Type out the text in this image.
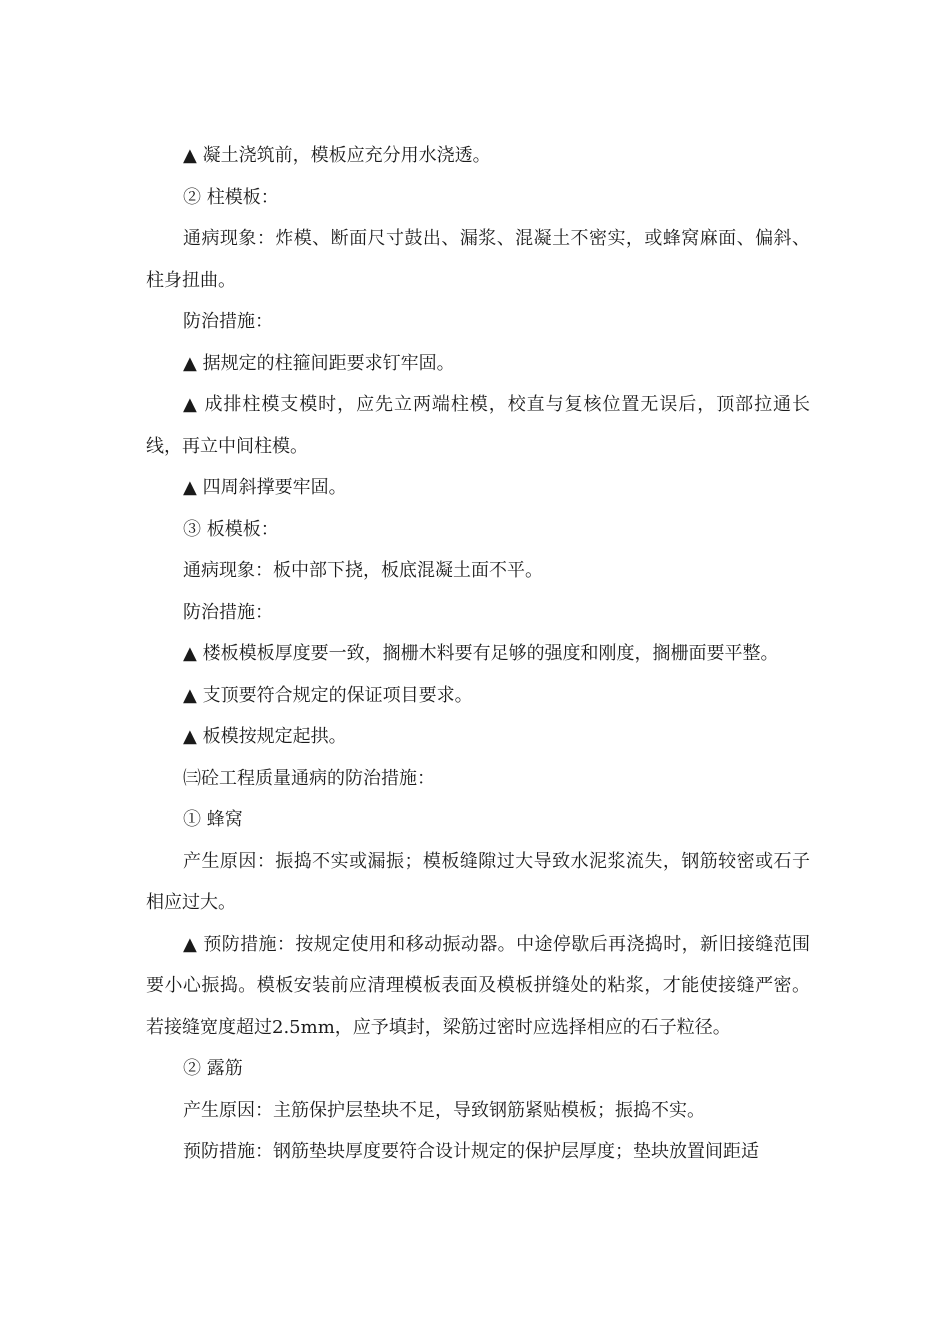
▲ 凝土浇筑前，模板应充分用水浇透。

② 柱模板：

通病现象：炸模、断面尺寸鼓出、漏浆、混凝土不密实，或蜂窝麻面、偏斜、柱身扭曲。

防治措施：

▲ 据规定的柱箍间距要求钉牢固。

▲ 成排柱模支模时，应先立两端柱模，校直与复核位置无误后，顶部拉通长线，再立中间柱模。

▲ 四周斜撑要牢固。

③ 板模板：

通病现象：板中部下挠，板底混凝土面不平。

防治措施：

▲ 楼板模板厚度要一致，搁栅木料要有足够的强度和刚度，搁栅面要平整。

▲ 支顶要符合规定的保证项目要求。

▲ 板模按规定起拱。

㈢砼工程质量通病的防治措施：

① 蜂窝

产生原因：振捣不实或漏振；模板缝隙过大导致水泥浆流失，钢筋较密或石子相应过大。

▲ 预防措施：按规定使用和移动振动器。中途停歇后再浇捣时，新旧接缝范围要小心振捣。模板安装前应清理模板表面及模板拼缝处的粘浆，才能使接缝严密。若接缝宽度超过2.5mm，应予填封，梁筋过密时应选择相应的石子粒径。

② 露筋

产生原因：主筋保护层垫块不足，导致钢筋紧贴模板；振捣不实。

预防措施：钢筋垫块厚度要符合设计规定的保护层厚度；垫块放置间距适
